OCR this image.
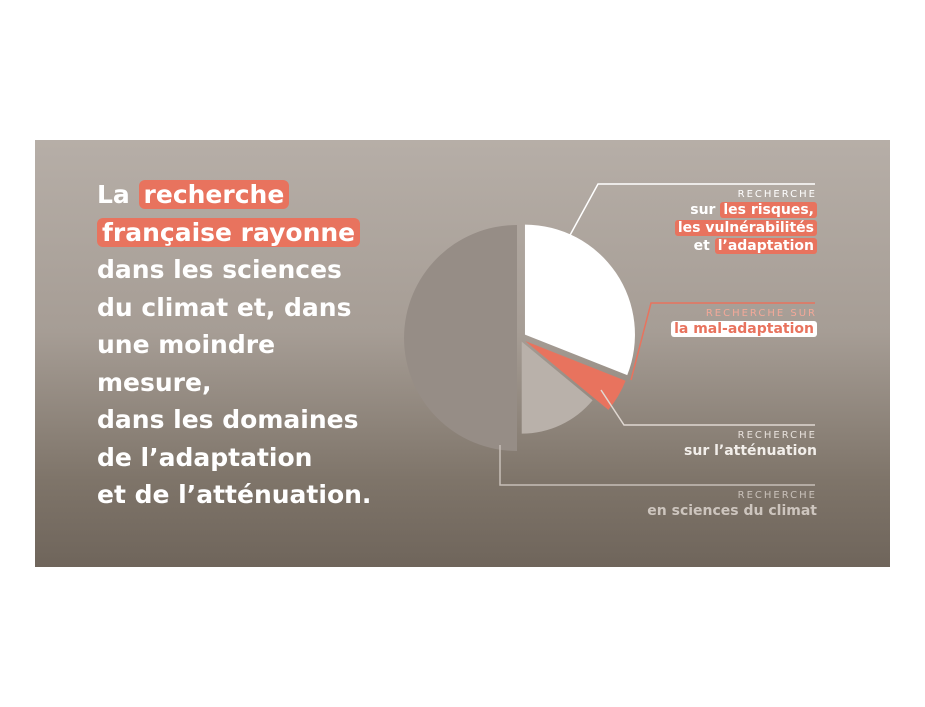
La recherche
française rayonne
dans les sciences
du climat et, dans
une moindre
mesure,
dans les domaines
de l’adaptation
et de l’atténuation.
RECHERCHE
sur les risques,
les vulnérabilités
et l’adaptation
RECHERCHE SUR
la mal-adaptation
RECHERCHE
sur l’atténuation
RECHERCHE
en sciences du climat
